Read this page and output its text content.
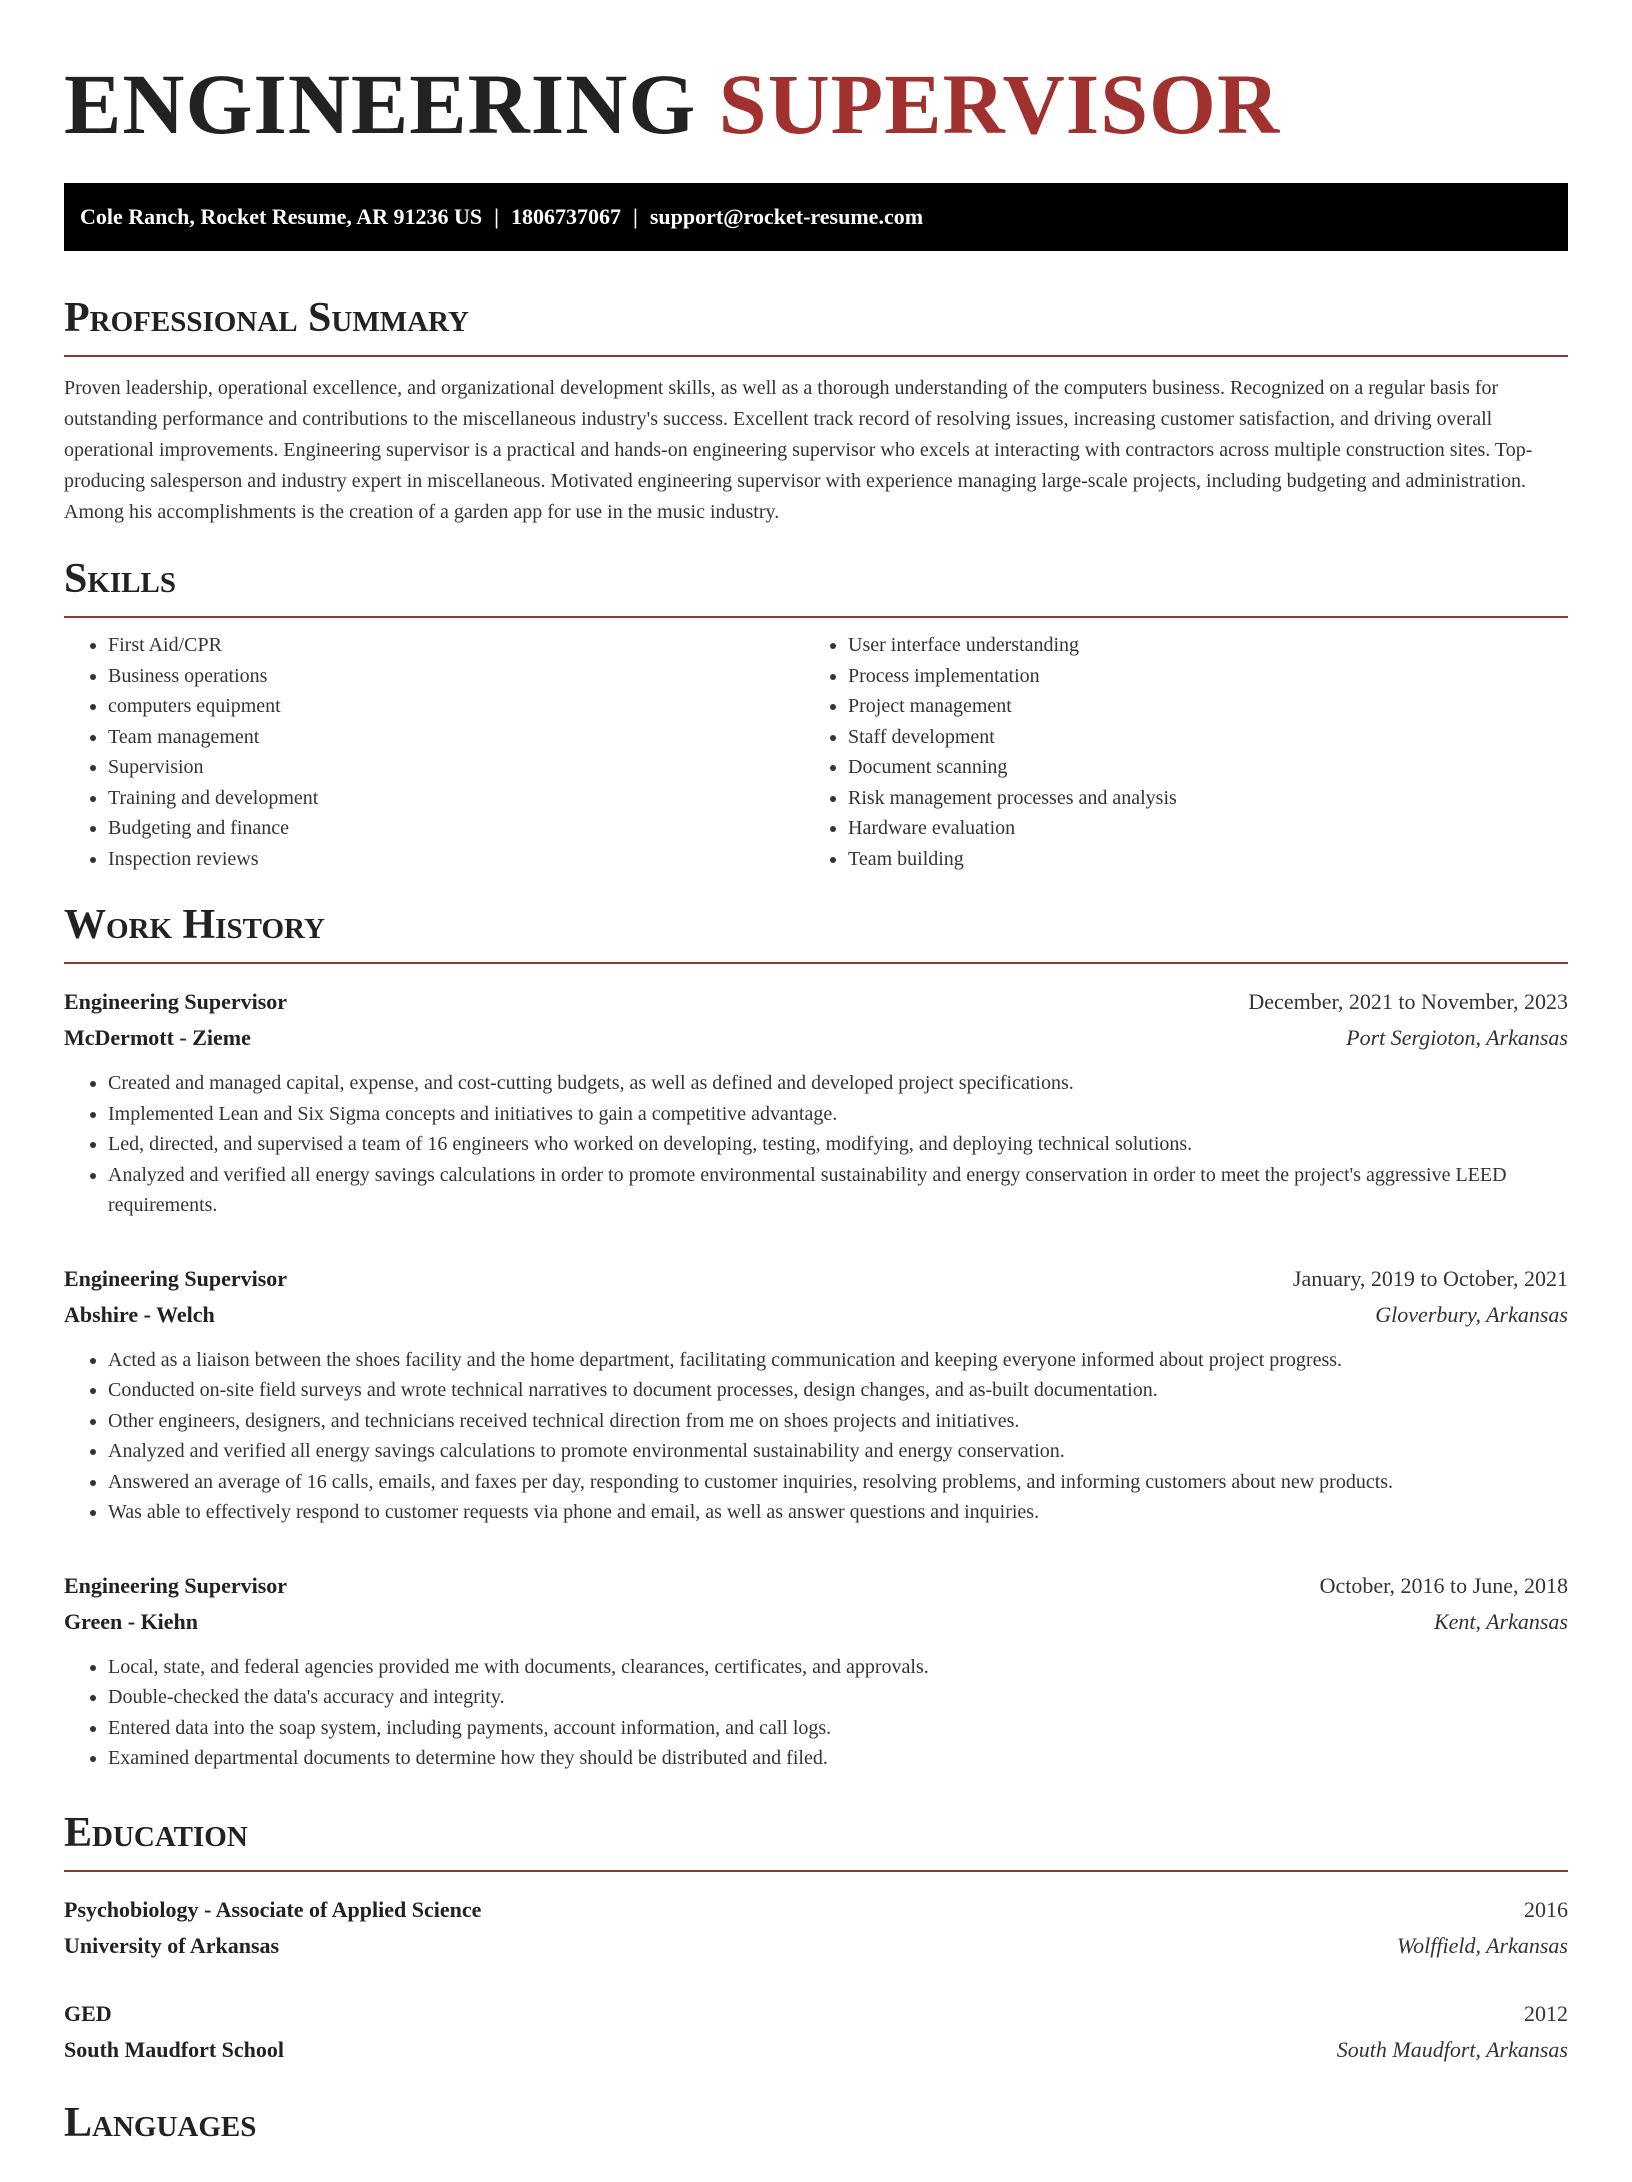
ENGINEERING SUPERVISOR
Cole Ranch, Rocket Resume, AR 91236 US | 1806737067 | support@rocket-resume.com
Professional Summary

Proven leadership, operational excellence, and organizational development skills, as well as a thorough understanding of the computers business. Recognized on a regular basis for outstanding performance and contributions to the miscellaneous industry's success. Excellent track record of resolving issues, increasing customer satisfaction, and driving overall operational improvements. Engineering supervisor is a practical and hands-on engineering supervisor who excels at interacting with contractors across multiple construction sites. Top-producing salesperson and industry expert in miscellaneous. Motivated engineering supervisor with experience managing large-scale projects, including budgeting and administration. Among his accomplishments is the creation of a garden app for use in the music industry.

Skills
• First Aid/CPR
• Business operations
• computers equipment
• Team management
• Supervision
• Training and development
• Budgeting and finance
• Inspection reviews
• User interface understanding
• Process implementation
• Project management
• Staff development
• Document scanning
• Risk management processes and analysis
• Hardware evaluation
• Team building
Work History
Engineering Supervisor	December, 2021 to November, 2023
McDermott - Zieme	Port Sergioton, Arkansas
• Created and managed capital, expense, and cost-cutting budgets, as well as defined and developed project specifications.
• Implemented Lean and Six Sigma concepts and initiatives to gain a competitive advantage.
• Led, directed, and supervised a team of 16 engineers who worked on developing, testing, modifying, and deploying technical solutions.
• Analyzed and verified all energy savings calculations in order to promote environmental sustainability and energy conservation in order to meet the project's aggressive LEED requirements.
Engineering Supervisor	January, 2019 to October, 2021
Abshire - Welch	Gloverbury, Arkansas
• Acted as a liaison between the shoes facility and the home department, facilitating communication and keeping everyone informed about project progress.
• Conducted on-site field surveys and wrote technical narratives to document processes, design changes, and as-built documentation.
• Other engineers, designers, and technicians received technical direction from me on shoes projects and initiatives.
• Analyzed and verified all energy savings calculations to promote environmental sustainability and energy conservation.
• Answered an average of 16 calls, emails, and faxes per day, responding to customer inquiries, resolving problems, and informing customers about new products.
• Was able to effectively respond to customer requests via phone and email, as well as answer questions and inquiries.
Engineering Supervisor	October, 2016 to June, 2018
Green - Kiehn	Kent, Arkansas
• Local, state, and federal agencies provided me with documents, clearances, certificates, and approvals.
• Double-checked the data's accuracy and integrity.
• Entered data into the soap system, including payments, account information, and call logs.
• Examined departmental documents to determine how they should be distributed and filed.
Education
Psychobiology - Associate of Applied Science	2016
University of Arkansas	Wolffield, Arkansas
GED	2012
South Maudfort School	South Maudfort, Arkansas
Languages
